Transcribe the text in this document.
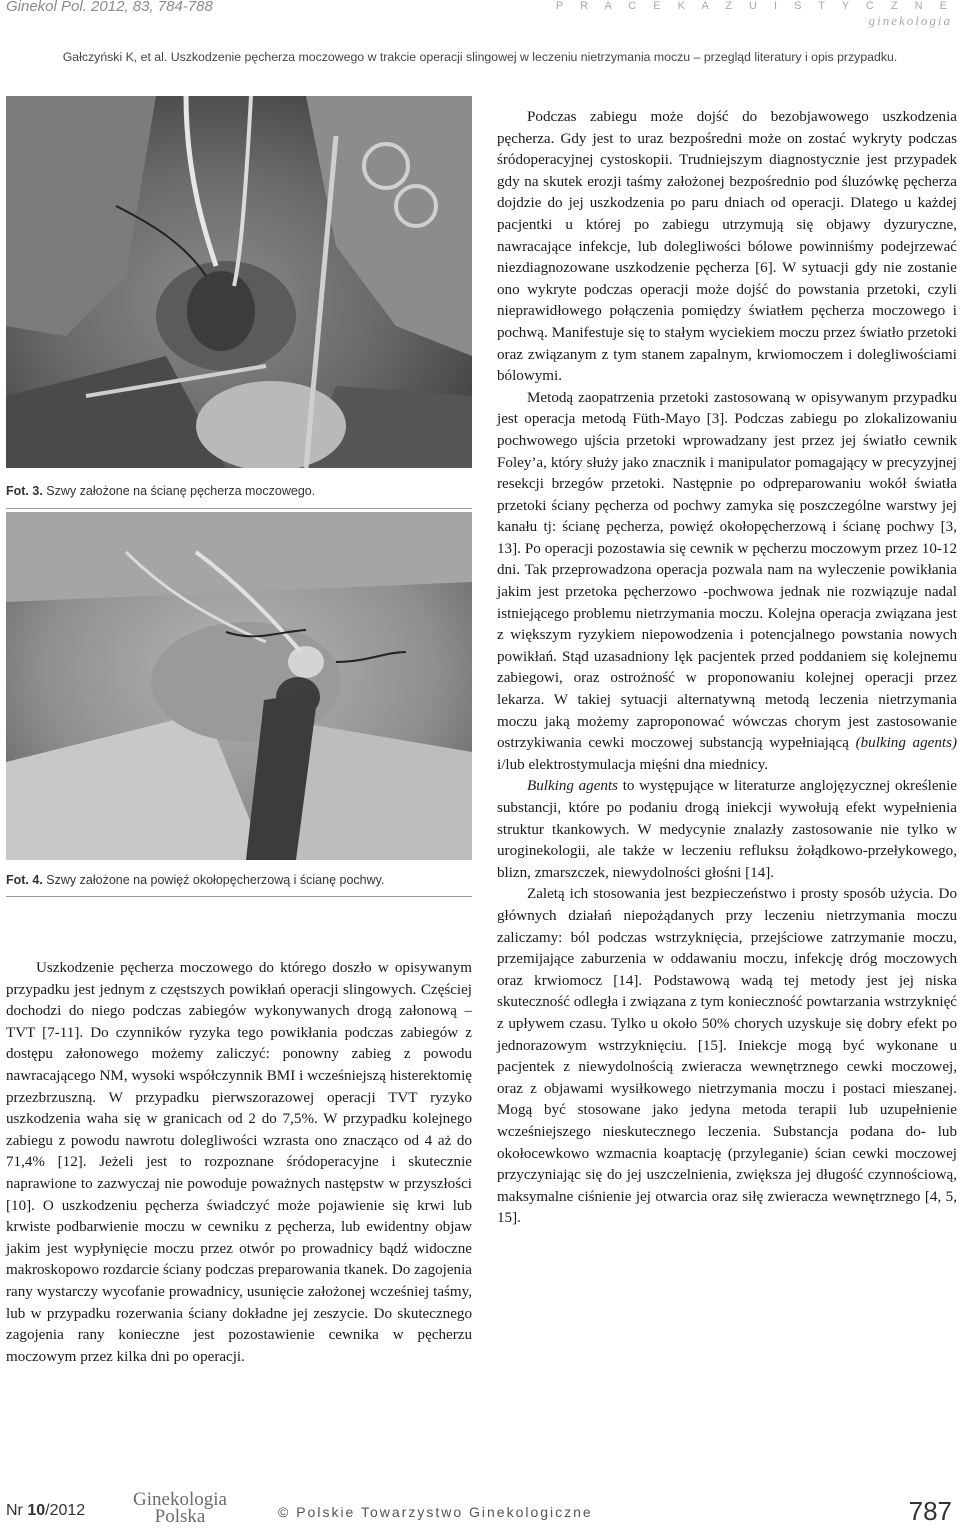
Ginekol Pol. 2012, 83, 784-788	P R A C E K A Z U I S T Y C Z N E
ginekologia
Gałczyński K, et al. Uszkodzenie pęcherza moczowego w trakcie operacji slingowej w leczeniu nietrzymania moczu – przegląd literatury i opis przypadku.
Fot. 3. Szwy założone na ścianę pęcherza moczowego.
Fot. 4. Szwy założone na powięź okołopęcherzową i ścianę pochwy.

Uszkodzenie pęcherza moczowego do którego doszło w opisywanym przypadku jest jednym z częstszych powikłań operacji slingowych. Częściej dochodzi do niego podczas zabiegów wykonywanych drogą załonową – TVT [7-11]. Do czynników ryzyka tego powikłania podczas zabiegów z dostępu załonowego możemy zaliczyć: ponowny zabieg z powodu nawracającego NM, wysoki współczynnik BMI i wcześniejszą histerektomię przezbrzuszną. W przypadku pierwszorazowej operacji TVT ryzyko uszkodzenia waha się w granicach od 2 do 7,5%. W przypadku kolejnego zabiegu z powodu nawrotu dolegliwości wzrasta ono znacząco od 4 aż do 71,4% [12]. Jeżeli jest to rozpoznane śródoperacyjne i skutecznie naprawione to zazwyczaj nie powoduje poważnych następstw w przyszłości [10]. O uszkodzeniu pęcherza świadczyć może pojawienie się krwi lub krwiste podbarwienie moczu w cewniku z pęcherza, lub ewidentny objaw jakim jest wypłynięcie moczu przez otwór po prowadnicy bądź widoczne makroskopowo rozdarcie ściany podczas preparowania tkanek. Do zagojenia rany wystarczy wycofanie prowadnicy, usunięcie założonej wcześniej taśmy, lub w przypadku rozerwania ściany dokładne jej zeszycie. Do skutecznego zagojenia rany konieczne jest pozostawienie cewnika w pęcherzu moczowym przez kilka dni po operacji.

Podczas zabiegu może dojść do bezobjawowego uszkodzenia pęcherza. Gdy jest to uraz bezpośredni może on zostać wykryty podczas śródoperacyjnej cystoskopii. Trudniejszym diagnostycznie jest przypadek gdy na skutek erozji taśmy założonej bezpośrednio pod śluzówkę pęcherza dojdzie do jej uszkodzenia po paru dniach od operacji. Dlatego u każdej pacjentki u której po zabiegu utrzymują się objawy dyzuryczne, nawracające infekcje, lub dolegliwości bólowe powinniśmy podejrzewać niezdiagnozowane uszkodzenie pęcherza [6]. W sytuacji gdy nie zostanie ono wykryte podczas operacji może dojść do powstania przetoki, czyli nieprawidłowego połączenia pomiędzy światłem pęcherza moczowego i pochwą. Manifestuje się to stałym wyciekiem moczu przez światło przetoki oraz związanym z tym stanem zapalnym, krwiomoczem i dolegliwościami bólowymi.

Metodą zaopatrzenia przetoki zastosowaną w opisywanym przypadku jest operacja metodą Füth-Mayo [3]. Podczas zabiegu po zlokalizowaniu pochwowego ujścia przetoki wprowadzany jest przez jej światło cewnik Foley’a, który służy jako znacznik i manipulator pomagający w precyzyjnej resekcji brzegów przetoki. Następnie po odpreparowaniu wokół światła przetoki ściany pęcherza od pochwy zamyka się poszczególne warstwy jej kanału tj: ścianę pęcherza, powięź okołopęcherzową i ścianę pochwy [3, 13]. Po operacji pozostawia się cewnik w pęcherzu moczowym przez 10-12 dni. Tak przeprowadzona operacja pozwala nam na wyleczenie powikłania jakim jest przetoka pęcherzowo -pochwowa jednak nie rozwiązuje nadal istniejącego problemu nietrzymania moczu. Kolejna operacja związana jest z większym ryzykiem niepowodzenia i potencjalnego powstania nowych powikłań. Stąd uzasadniony lęk pacjentek przed poddaniem się kolejnemu zabiegowi, oraz ostrożność w proponowaniu kolejnej operacji przez lekarza. W takiej sytuacji alternatywną metodą leczenia nietrzymania moczu jaką możemy zaproponować wówczas chorym jest zastosowanie ostrzykiwania cewki moczowej substancją wypełniającą (bulking agents) i/lub elektrostymulacja mięśni dna miednicy.

Bulking agents to występujące w literaturze anglojęzycznej określenie substancji, które po podaniu drogą iniekcji wywołują efekt wypełnienia struktur tkankowych. W medycynie znalazły zastosowanie nie tylko w uroginekologii, ale także w leczeniu refluksu żołądkowo-przełykowego, blizn, zmarszczek, niewydolności głośni [14].

Zaletą ich stosowania jest bezpieczeństwo i prosty sposób użycia. Do głównych działań niepożądanych przy leczeniu nietrzymania moczu zaliczamy: ból podczas wstrzyknięcia, przejściowe zatrzymanie moczu, przemijające zaburzenia w oddawaniu moczu, infekcję dróg moczowych oraz krwiomocz [14]. Podstawową wadą tej metody jest jej niska skuteczność odległa i związana z tym konieczność powtarzania wstrzyknięć z upływem czasu. Tylko u około 50% chorych uzyskuje się dobry efekt po jednorazowym wstrzyknięciu. [15]. Iniekcje mogą być wykonane u pacjentek z niewydolnością zwieracza wewnętrznego cewki moczowej, oraz z objawami wysiłkowego nietrzymania moczu i postaci mieszanej. Mogą być stosowane jako jedyna metoda terapii lub uzupełnienie wcześniejszego nieskutecznego leczenia. Substancja podana do- lub okołocewkowo wzmacnia koaptację (przyleganie) ścian cewki moczowej przyczyniając się do jej uszczelnienia, zwiększa jej długość czynnościową, maksymalne ciśnienie jej otwarcia oraz siłę zwieracza wewnętrznego [4, 5, 15].

Nr 10/2012
Ginekologia
Polska	© Polskie Towarzystwo Ginekologiczne	787
